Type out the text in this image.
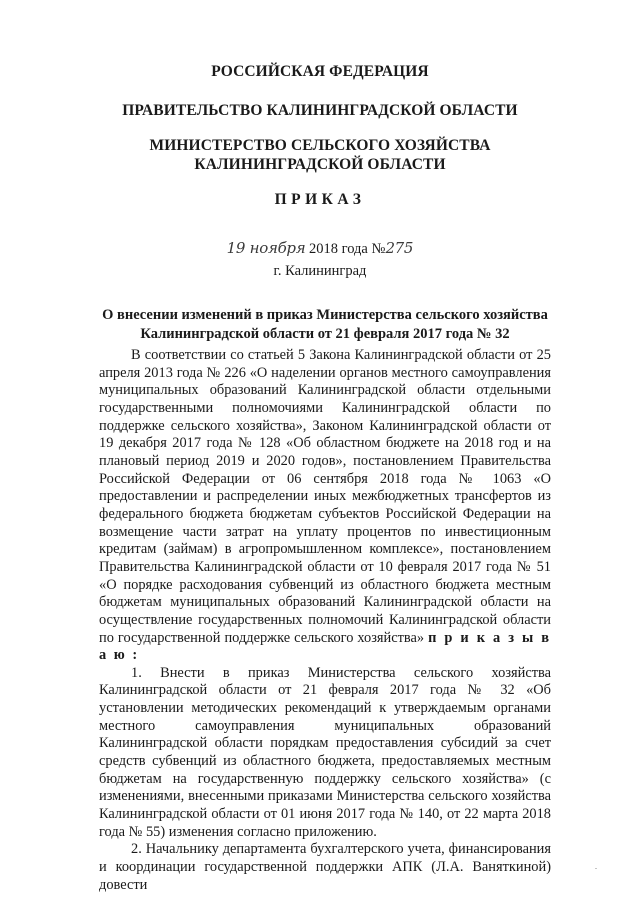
РОССИЙСКАЯ ФЕДЕРАЦИЯ
ПРАВИТЕЛЬСТВО КАЛИНИНГРАДСКОЙ ОБЛАСТИ
МИНИСТЕРСТВО СЕЛЬСКОГО ХОЗЯЙСТВА
КАЛИНИНГРАДСКОЙ ОБЛАСТИ
ПРИКАЗ
19 ноября 2018 года №275
г. Калининград
О внесении изменений в приказ Министерства сельского хозяйства
Калининградской области от 21 февраля 2017 года № 32

В соответствии со статьей 5 Закона Калининградской области от 25 апреля 2013 года № 226 «О наделении органов местного самоуправления муниципальных образований Калининградской области отдельными государственными полномочиями Калининградской области по поддержке сельского хозяйства», Законом Калининградской области от 19 декабря 2017 года № 128 «Об областном бюджете на 2018 год и на плановый период 2019 и 2020 годов», постановлением Правительства Российской Федерации от 06 сентября 2018 года № 1063 «О предоставлении и распределении иных межбюджетных трансфертов из федерального бюджета бюджетам субъектов Российской Федерации на возмещение части затрат на уплату процентов по инвестиционным кредитам (займам) в агропромышленном комплексе», постановлением Правительства Калининградской области от 10 февраля 2017 года № 51 «О порядке расходования субвенций из областного бюджета местным бюджетам муниципальных образований Калининградской области на осуществление государственных полномочий Калининградской области по государственной поддержке сельского хозяйства» п р и к а з ы в а ю :

1. Внести в приказ Министерства сельского хозяйства Калининградской области от 21 февраля 2017 года № 32 «Об установлении методических рекомендаций к утверждаемым органами местного самоуправления муниципальных образований Калининградской области порядкам предоставления субсидий за счет средств субвенций из областного бюджета, предоставляемых местным бюджетам на государственную поддержку сельского хозяйства» (с изменениями, внесенными приказами Министерства сельского хозяйства Калининградской области от 01 июня 2017 года № 140, от 22 марта 2018 года № 55) изменения согласно приложению.

2. Начальнику департамента бухгалтерского учета, финансирования и координации государственной поддержки АПК (Л.А. Ваняткиной) довести

.
